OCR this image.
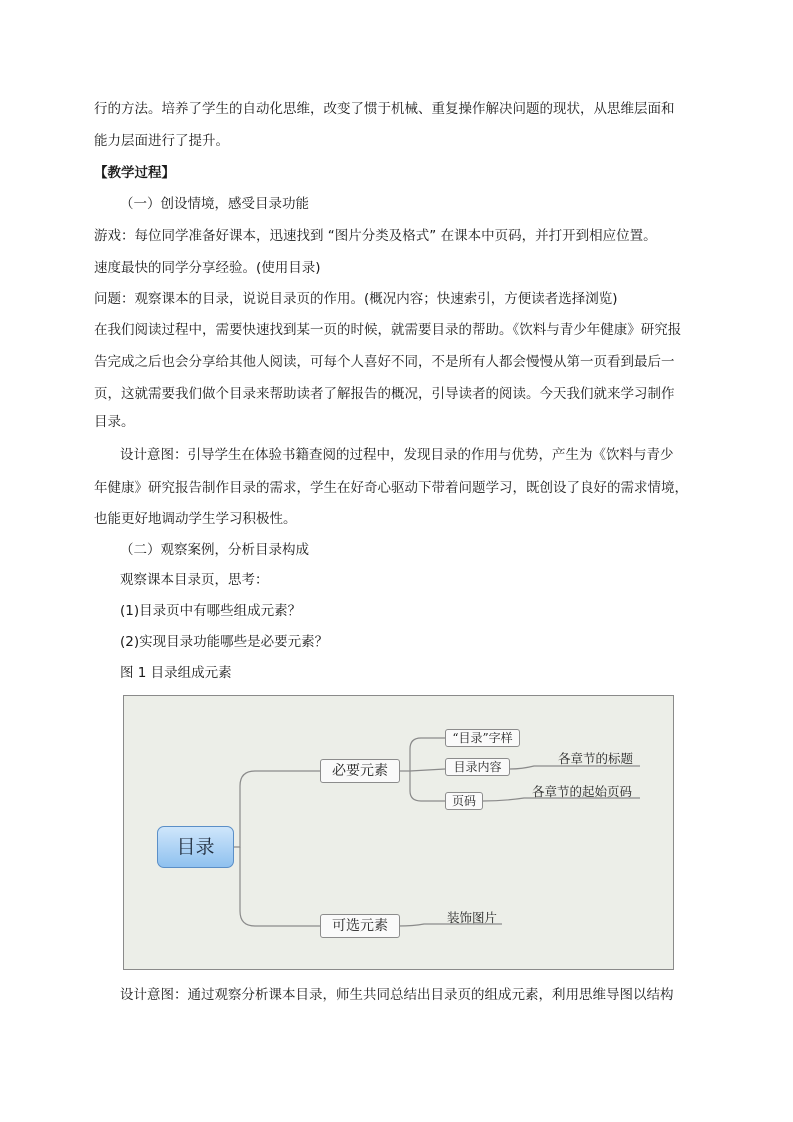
行的方法。培养了学生的自动化思维，改变了惯于机械、重复操作解决问题的现状，从思维层面和
能力层面进行了提升。
【教学过程】
（一）创设情境，感受目录功能
游戏：每位同学准备好课本，迅速找到 “图片分类及格式” 在课本中页码，并打开到相应位置。
速度最快的同学分享经验。(使用目录)
问题：观察课本的目录，说说目录页的作用。(概况内容；快速索引，方便读者选择浏览)
在我们阅读过程中，需要快速找到某一页的时候，就需要目录的帮助。《饮料与青少年健康》研究报
告完成之后也会分享给其他人阅读，可每个人喜好不同，不是所有人都会慢慢从第一页看到最后一
页，这就需要我们做个目录来帮助读者了解报告的概况，引导读者的阅读。今天我们就来学习制作
目录。
设计意图：引导学生在体验书籍查阅的过程中，发现目录的作用与优势，产生为《饮料与青少
年健康》研究报告制作目录的需求，学生在好奇心驱动下带着问题学习，既创设了良好的需求情境，
也能更好地调动学生学习积极性。
（二）观察案例，分析目录构成
观察课本目录页，思考：
(1)目录页中有哪些组成元素？
(2)实现目录功能哪些是必要元素？
图 1 目录组成元素
目录
必要元素
可选元素
“目录”字样
目录内容
页码
各章节的标题
各章节的起始页码
装饰图片
设计意图：通过观察分析课本目录，师生共同总结出目录页的组成元素，利用思维导图以结构
